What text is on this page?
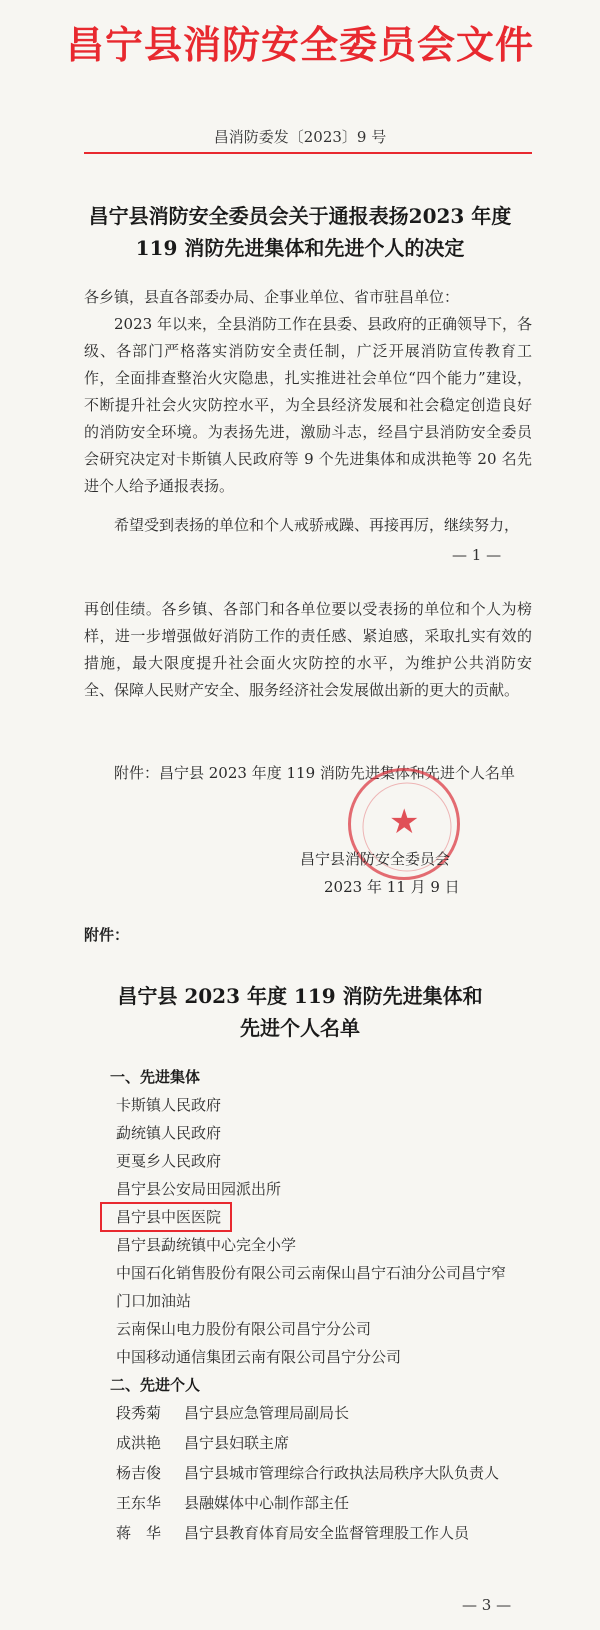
昌宁县消防安全委员会文件
昌消防委发〔2023〕9 号
昌宁县消防安全委员会关于通报表扬2023 年度
119 消防先进集体和先进个人的决定
各乡镇，县直各部委办局、企事业单位、省市驻昌单位：
2023 年以来，全县消防工作在县委、县政府的正确领导下，各级、各部门严格落实消防安全责任制，广泛开展消防宣传教育工作，全面排查整治火灾隐患，扎实推进社会单位“四个能力”建设，不断提升社会火灾防控水平，为全县经济发展和社会稳定创造良好的消防安全环境。为表扬先进，激励斗志，经昌宁县消防安全委员会研究决定对卡斯镇人民政府等 9 个先进集体和成洪艳等 20 名先进个人给予通报表扬。
希望受到表扬的单位和个人戒骄戒躁、再接再厉，继续努力，
— 1 —
再创佳绩。各乡镇、各部门和各单位要以受表扬的单位和个人为榜样，进一步增强做好消防工作的责任感、紧迫感，采取扎实有效的措施，最大限度提升社会面火灾防控的水平，为维护公共消防安全、保障人民财产安全、服务经济社会发展做出新的更大的贡献。
附件：昌宁县 2023 年度 119 消防先进集体和先进个人名单
★
昌宁县消防安全委员会
2023 年 11 月 9 日
附件：
昌宁县 2023 年度 119 消防先进集体和
先进个人名单
一、先进集体
卡斯镇人民政府
勐统镇人民政府
更戛乡人民政府
昌宁县公安局田园派出所
昌宁县中医医院
昌宁县勐统镇中心完全小学
中国石化销售股份有限公司云南保山昌宁石油分公司昌宁窄
门口加油站
云南保山电力股份有限公司昌宁分公司
中国移动通信集团云南有限公司昌宁分公司
二、先进个人
段秀菊 昌宁县应急管理局副局长
成洪艳 昌宁县妇联主席
杨吉俊 昌宁县城市管理综合行政执法局秩序大队负责人
王东华 县融媒体中心制作部主任
蒋　华 昌宁县教育体育局安全监督管理股工作人员
— 3 —
